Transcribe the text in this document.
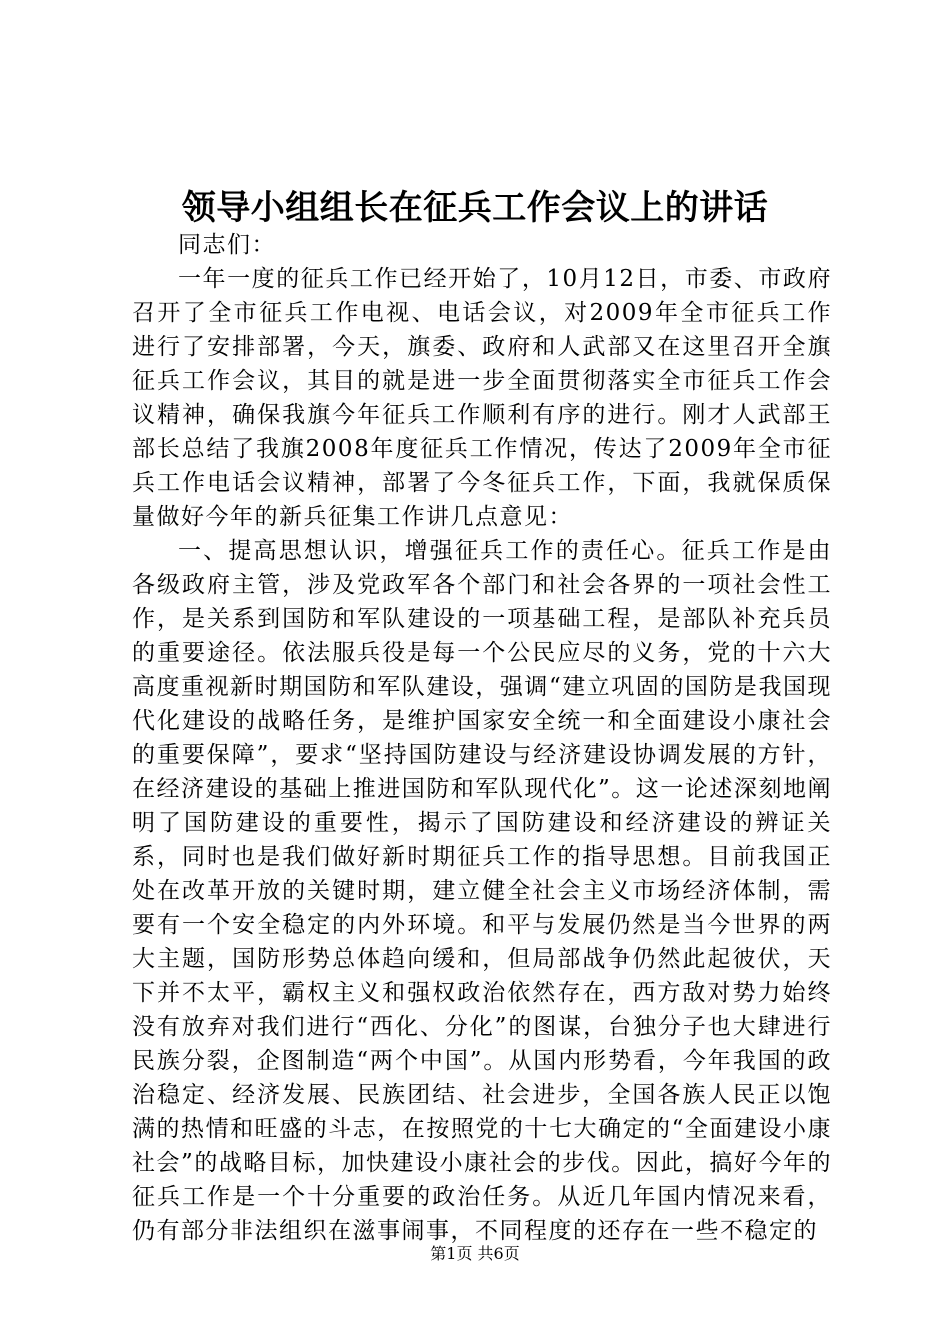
领导小组组长在征兵工作会议上的讲话

同志们：

一年一度的征兵工作已经开始了，10月12日，市委、市政府召开了全市征兵工作电视、电话会议，对2009年全市征兵工作进行了安排部署，今天，旗委、政府和人武部又在这里召开全旗征兵工作会议，其目的就是进一步全面贯彻落实全市征兵工作会议精神，确保我旗今年征兵工作顺利有序的进行。刚才人武部王部长总结了我旗2008年度征兵工作情况，传达了2009年全市征兵工作电话会议精神，部署了今冬征兵工作，下面，我就保质保量做好今年的新兵征集工作讲几点意见：

一、提高思想认识，增强征兵工作的责任心。征兵工作是由各级政府主管，涉及党政军各个部门和社会各界的一项社会性工作，是关系到国防和军队建设的一项基础工程，是部队补充兵员的重要途径。依法服兵役是每一个公民应尽的义务，党的十六大高度重视新时期国防和军队建设，强调“建立巩固的国防是我国现代化建设的战略任务，是维护国家安全统一和全面建设小康社会的重要保障”，要求“坚持国防建设与经济建设协调发展的方针，在经济建设的基础上推进国防和军队现代化”。这一论述深刻地阐明了国防建设的重要性，揭示了国防建设和经济建设的辨证关系，同时也是我们做好新时期征兵工作的指导思想。目前我国正处在改革开放的关键时期，建立健全社会主义市场经济体制，需要有一个安全稳定的内外环境。和平与发展仍然是当今世界的两大主题，国防形势总体趋向缓和，但局部战争仍然此起彼伏，天下并不太平，霸权主义和强权政治依然存在，西方敌对势力始终没有放弃对我们进行“西化、分化”的图谋，台独分子也大肆进行民族分裂，企图制造“两个中国”。从国内形势看，今年我国的政治稳定、经济发展、民族团结、社会进步，全国各族人民正以饱满的热情和旺盛的斗志，在按照党的十七大确定的“全面建设小康社会”的战略目标，加快建设小康社会的步伐。因此，搞好今年的征兵工作是一个十分重要的政治任务。从近几年国内情况来看，仍有部分非法组织在滋事闹事，不同程度的还存在一些不稳定的

第1页 共6页
